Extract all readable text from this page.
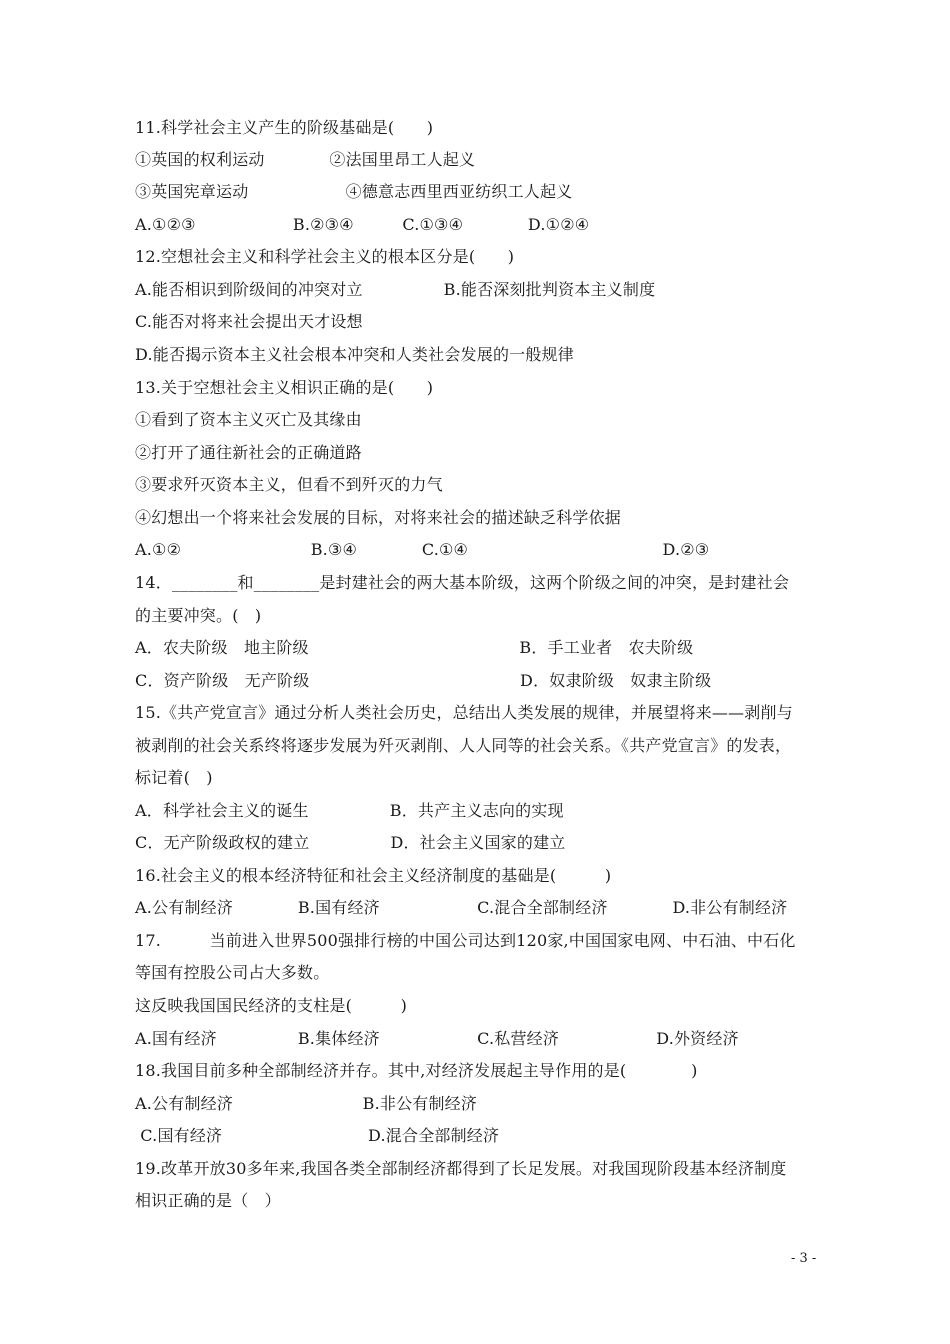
11.科学社会主义产生的阶级基础是(　　)
①英国的权利运动　　　　②法国里昂工人起义
③英国宪章运动　　　　　　④德意志西里西亚纺织工人起义
A.①②③　　　　　　B.②③④　　　C.①③④　　　　D.①②④
12.空想社会主义和科学社会主义的根本区分是(　　)
A.能否相识到阶级间的冲突对立　　　　　B.能否深刻批判资本主义制度
C.能否对将来社会提出天才设想
D.能否揭示资本主义社会根本冲突和人类社会发展的一般规律
13.关于空想社会主义相识正确的是(　　)
①看到了资本主义灭亡及其缘由
②打开了通往新社会的正确道路
③要求歼灭资本主义，但看不到歼灭的力气
④幻想出一个将来社会发展的目标，对将来社会的描述缺乏科学依据
A.①②　　　　　　　　B.③④　　　　C.①④　　　　　　　　　　　　D.②③
14．________和________是封建社会的两大基本阶级，这两个阶级之间的冲突，是封建社会
的主要冲突。(　)
A．农夫阶级　地主阶级　　　　　　　　　　　　　B．手工业者　农夫阶级
C．资产阶级　无产阶级　　　　　　　　　　　　　D．奴隶阶级　奴隶主阶级
15.《共产党宣言》通过分析人类社会历史，总结出人类发展的规律，并展望将来——剥削与
被剥削的社会关系终将逐步发展为歼灭剥削、人人同等的社会关系。《共产党宣言》的发表，
标记着(　)
A．科学社会主义的诞生　　　　　B．共产主义志向的实现
C．无产阶级政权的建立　　　　　D．社会主义国家的建立
16.社会主义的根本经济特征和社会主义经济制度的基础是(　　　)
A.公有制经济　　　　B.国有经济　　　　　　C.混合全部制经济　　　　D.非公有制经济
17.　　　当前进入世界500强排行榜的中国公司达到120家,中国国家电网、中石油、中石化
等国有控股公司占大多数。
这反映我国国民经济的支柱是(　　　)
A.国有经济　　　　　B.集体经济　　　　　　C.私营经济　　　　　　D.外资经济
18.我国目前多种全部制经济并存。其中,对经济发展起主导作用的是(　　　　)
A.公有制经济　　　　　　　　B.非公有制经济
C.国有经济　　　　　　　　　D.混合全部制经济
19.改革开放30多年来,我国各类全部制经济都得到了长足发展。对我国现阶段基本经济制度
相识正确的是（　）
- 3 -
